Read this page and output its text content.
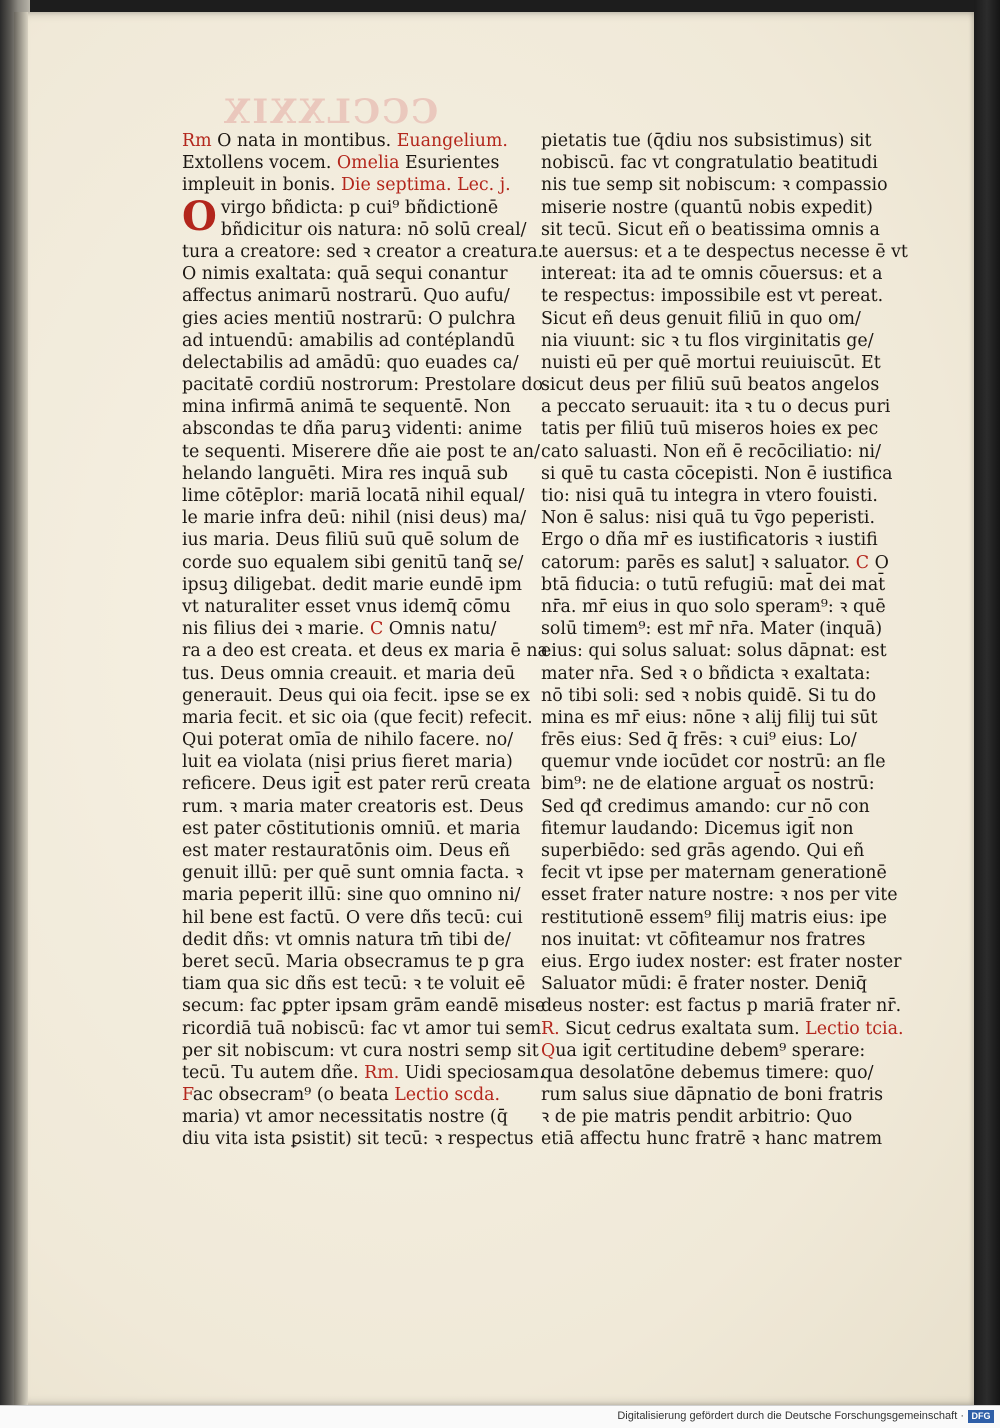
CCCLXXIX
Rm O nata in montibus. Euangelium.
Extollens vocem. Omelia Esurientes
impleuit in bonis. Die septima. Lec. j.
Ovirgo bñdicta: p cui⁹ bñdictionē
bñdicitur ois natura: nō solū creal/
tura a creatore: sed ꝛ creator a creatura.
O nimis exaltata: quā sequi conantur
affectus animarū nostrarū. Quo aufu/
gies acies mentiū nostrarū: O pulchra
ad intuendū: amabilis ad contéplandū
delectabilis ad amādū: quo euades ca/
pacitatē cordiū nostrorum: Prestolare do
mina infirmā animā te sequentē. Non
abscondas te dña paruꝫ videnti: anime
te sequenti. Miserere dñe aie post te an/
helando languēti. Mira res inquā sub
lime cōtēplor: mariā locatā nihil equal/
le marie infra deū: nihil (nisi deus) ma/
ius maria. Deus filiū suū quē solum de
corde suo equalem sibi genitū tanq̄ se/
ipsuꝫ diligebat. dedit marie eundē ipm
vt naturaliter esset vnus idemq̄ cōmu
nis filius dei ꝛ marie. C Omnis natu/
ra a deo est creata. et deus ex maria ē na
tus. Deus omnia creauit. et maria deū
generauit. Deus qui oia fecit. ipse se ex
maria fecit. et sic oia (que fecit) refecit.
Qui poterat omīa de nihilo facere. no/
luit ea violata (nisi prius fieret maria)
reficere. Deus igit̄ est pater rerū creata
rum. ꝛ maria mater creatoris est. Deus
est pater cōstitutionis omniū. et maria
est mater restauratōnis oim. Deus eñ
genuit illū: per quē sunt omnia facta. ꝛ
maria peperit illū: sine quo omnino ni/
hil bene est factū. O vere dñs tecū: cui
dedit dñs: vt omnis natura tm̄ tibi de/
beret secū. Maria obsecramus te p gra
tiam qua sic dñs est tecū: ꝛ te voluit eē
secum: fac ꝑpter ipsam grām eandē mise
ricordiā tuā nobiscū: fac vt amor tui sem
per sit nobiscum: vt cura nostri semp sit
tecū. Tu autem dñe. Rm. Uidi speciosam.
Fac obsecram⁹ (o beata Lectio scda.
maria) vt amor necessitatis nostre (q̄
diu vita ista ꝑsistit) sit tecū: ꝛ respectus
pietatis tue (q̄diu nos subsistimus) sit
nobiscū. fac vt congratulatio beatitudi
nis tue semp sit nobiscum: ꝛ compassio
miserie nostre (quantū nobis expedit)
sit tecū. Sicut eñ o beatissima omnis a
te auersus: et a te despectus necesse ē vt
intereat: ita ad te omnis cōuersus: et a
te respectus: impossibile est vt pereat.
Sicut eñ deus genuit filiū in quo om/
nia viuunt: sic ꝛ tu flos virginitatis ge/
nuisti eū per quē mortui reuiuiscūt. Et
sicut deus per filiū suū beatos angelos
a peccato seruauit: ita ꝛ tu o decus puri
tatis per filiū tuū miseros hoies ex pec
cato saluasti. Non eñ ē recōciliatio: ni/
si quē tu casta cōcepisti. Non ē iustifica
tio: nisi quā tu integra in vtero fouisti.
Non ē salus: nisi quā tu v̄go peperisti.
Ergo o dña mr̄ es iustificatoris ꝛ iustifi
catorum: parēs es salut] ꝛ saluator. C O
btā fiducia: o tutū refugiū: mat̄ dei mat̄
nr̄a. mr̄ eius in quo solo speram⁹: ꝛ quē
solū timem⁹: est mr̄ nr̄a. Mater (inquā)
eius: qui solus saluat: solus dāpnat: est
mater nr̄a. Sed ꝛ o bñdicta ꝛ exaltata:
nō tibi soli: sed ꝛ nobis quidē. Si tu do
mina es mr̄ eius: nōne ꝛ alij filij tui sūt
frēs eius: Sed q̄ frēs: ꝛ cui⁹ eius: Lo/
quemur vnde iocūdet cor nostrū: an fle
bim⁹: ne de elatione arguat̄ os nostrū:
Sed qđ credimus amando: cur nō con
fitemur laudando: Dicemus igit̄ non
superbiēdo: sed grās agendo. Qui eñ
fecit vt ipse per maternam generationē
esset frater nature nostre: ꝛ nos per vite
restitutionē essem⁹ filij matris eius: ipe
nos inuitat: vt cōfiteamur nos fratres
eius. Ergo iudex noster: est frater noster
Saluator mūdi: ē frater noster. Deniq̄
deus noster: est factus p mariā frater nr̄.
R. Sicut cedrus exaltata sum. Lectio tcia.
Qua igit̄ certitudine debem⁹ sperare:
qua desolatōne debemus timere: quo/
rum salus siue dāpnatio de boni fratris
ꝛ de pie matris pendit arbitrio: Quo
etiā affectu hunc fratrē ꝛ hanc matrem
Digitalisierung gefördert durch die Deutsche Forschungsgemeinschaft · DFG
